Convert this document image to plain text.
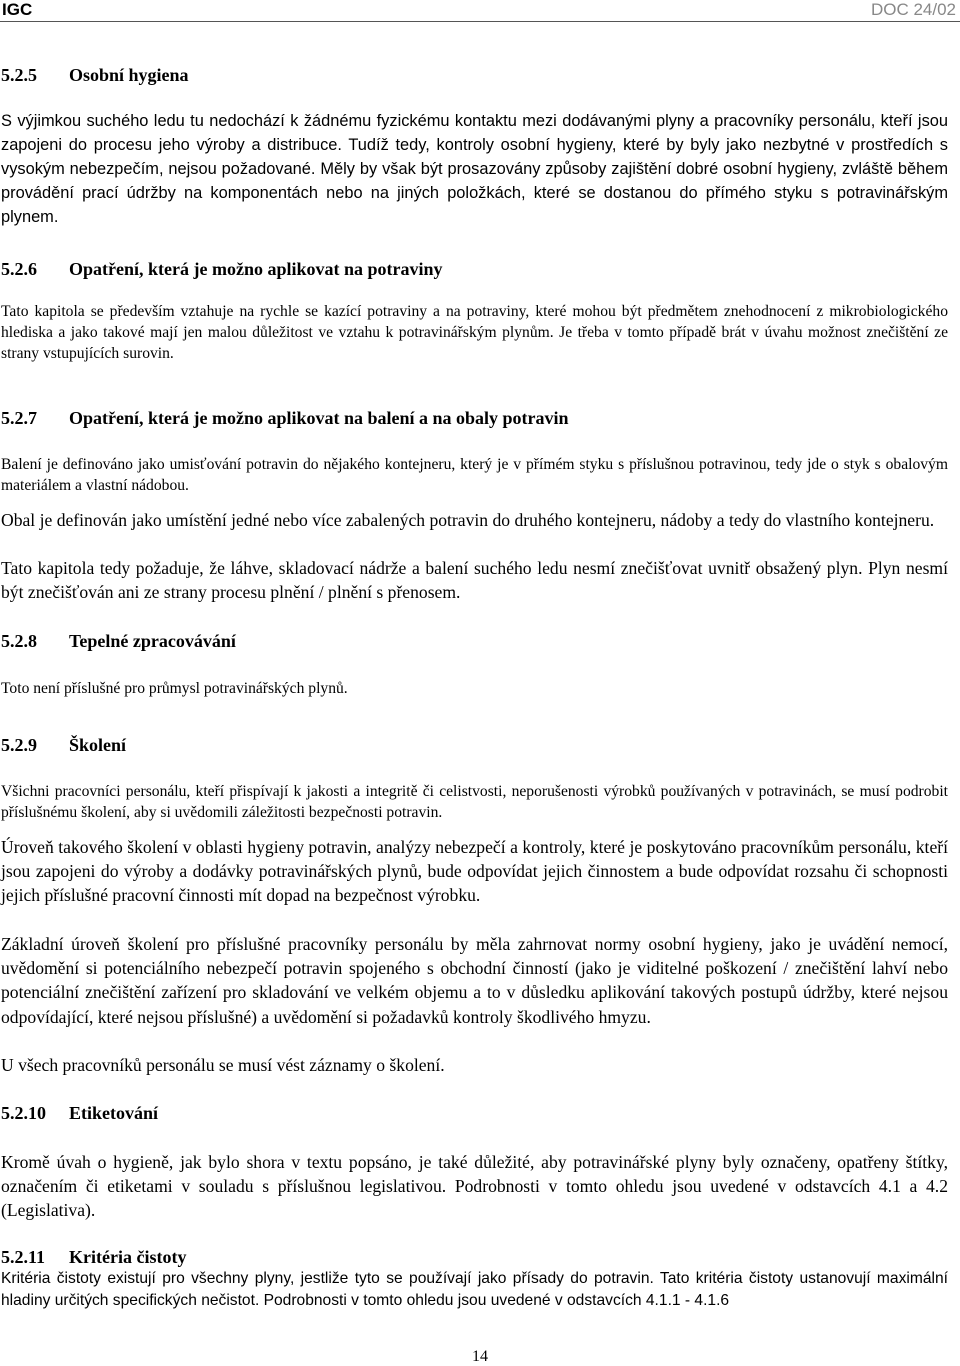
IGC	DOC 24/02
5.2.5 Osobní hygiena

S výjimkou suchého ledu tu nedochází k žádnému fyzickému kontaktu mezi dodávanými plyny a pracovníky personálu, kteří jsou zapojeni do procesu jeho výroby a distribuce. Tudíž tedy, kontroly osobní hygieny, které by byly jako nezbytné v prostředích s vysokým nebezpečím, nejsou požadované. Měly by však být prosazovány způsoby zajištění dobré osobní hygieny, zvláště během provádění prací údržby na komponentách nebo na jiných položkách, které se dostanou do přímého styku s potravinářským plynem.

5.2.6 Opatření, která je možno aplikovat na potraviny

Tato kapitola se především vztahuje na rychle se kazící potraviny a na potraviny, které mohou být předmětem znehodnocení z mikrobiologického hlediska a jako takové mají jen malou důležitost ve vztahu k potravinářským plynům. Je třeba v tomto případě brát v úvahu možnost znečištění ze strany vstupujících surovin.

5.2.7 Opatření, která je možno aplikovat na balení a na obaly potravin

Balení je definováno jako umisťování potravin do nějakého kontejneru, který je v přímém styku s příslušnou potravinou, tedy jde o styk s obalovým materiálem a vlastní nádobou.

Obal je definován jako umístění jedné nebo více zabalených potravin do druhého kontejneru, nádoby a tedy do vlastního kontejneru.

Tato kapitola tedy požaduje, že láhve, skladovací nádrže a balení suchého ledu nesmí znečišťovat uvnitř obsažený plyn. Plyn nesmí být znečišťován ani ze strany procesu plnění / plnění s přenosem.

5.2.8 Tepelné zpracovávání

Toto není příslušné pro průmysl potravinářských plynů.

5.2.9 Školení

Všichni pracovníci personálu, kteří přispívají k jakosti a integritě či celistvosti, neporušenosti výrobků používaných v potravinách, se musí podrobit příslušnému školení, aby si uvědomili záležitosti bezpečnosti potravin.

Úroveň takového školení v oblasti hygieny potravin, analýzy nebezpečí a kontroly, které je poskytováno pracovníkům personálu, kteří jsou zapojeni do výroby a dodávky potravinářských plynů, bude odpovídat jejich činnostem a bude odpovídat rozsahu či schopnosti jejich příslušné pracovní činnosti mít dopad na bezpečnost výrobku.

Základní úroveň školení pro příslušné pracovníky personálu by měla zahrnovat normy osobní hygieny, jako je uvádění nemocí, uvědomění si potenciálního nebezpečí potravin spojeného s obchodní činností (jako je viditelné poškození / znečištění lahví nebo potenciální znečištění zařízení pro skladování ve velkém objemu a to v důsledku aplikování takových postupů údržby, které nejsou odpovídající, které nejsou příslušné) a uvědomění si požadavků kontroly škodlivého hmyzu.

U všech pracovníků personálu se musí vést záznamy o školení.

5.2.10 Etiketování

Kromě úvah o hygieně, jak bylo shora v textu popsáno, je také důležité, aby potravinářské plyny byly označeny, opatřeny štítky, označením či etiketami v souladu s příslušnou legislativou. Podrobnosti v tomto ohledu jsou uvedené v odstavcích 4.1 a 4.2 (Legislativa).

5.2.11 Kritéria čistoty

Kritéria čistoty existují pro všechny plyny, jestliže tyto se používají jako přísady do potravin. Tato kritéria čistoty ustanovují maximální hladiny určitých specifických nečistot. Podrobnosti v tomto ohledu jsou uvedené v odstavcích 4.1.1 - 4.1.6

14
